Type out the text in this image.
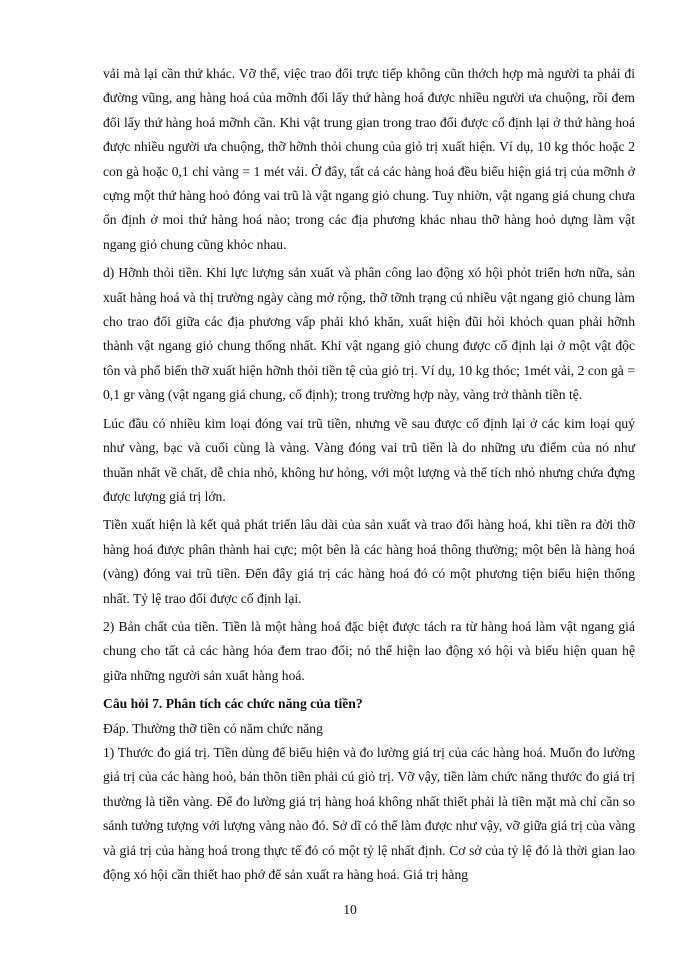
vải mà lại cần thứ khác. Vỡ thế, việc trao đổi trực tiếp không cũn thớch hợp mà người ta phải đi đường vũng, ang hàng hoá của mỡnh đổi lấy thứ hàng hoá được nhiều người ưa chuộng, rồi đem đổi lấy thứ hàng hoá mỡnh cần. Khi vật trung gian trong trao đổi được cố định lại ở thứ hàng hoá được nhiều người ưa chuộng, thỡ hỡnh thỏi chung của giỏ trị xuất hiện. Ví dụ, 10 kg thóc hoặc 2 con gà hoặc 0,1 chỉ vàng = 1 mét vải. Ở đây, tất cả các hàng hoá đều biểu hiện giá trị của mỡnh ở cựng một thứ hàng hoỏ đóng vai trũ là vật ngang giỏ chung. Tuy nhiờn, vật ngang giá chung chưa ổn định ở moi thứ hàng hoá nào; trong các địa phương khác nhau thỡ hàng hoỏ dựng làm vật ngang giỏ chung cũng khỏc nhau.

d) Hỡnh thỏi tiền. Khi lực lượng sản xuất và phân công lao động xó hội phỏt triển hơn nữa, sản xuất hàng hoá và thị trường ngày càng mở rộng, thỡ tỡnh trạng cú nhiều vật ngang giỏ chung làm cho trao đổi giữa các địa phương vấp phải khó khăn, xuất hiện đũi hỏi khỏch quan phải hỡnh thành vật ngang giỏ chung thống nhất. Khi vật ngang giỏ chung được cố định lại ở một vật độc tôn và phổ biến thỡ xuất hiện hỡnh thỏi tiền tệ của giỏ trị. Ví dụ, 10 kg thóc; 1mét vải, 2 con gà = 0,1 gr vàng (vật ngang giá chung, cố định); trong trường hợp này, vàng trở thành tiền tệ.

Lúc đầu có nhiều kim loại đóng vai trũ tiền, nhưng về sau được cố định lại ở các kim loại quý như vàng, bạc và cuối cùng là vàng. Vàng đóng vai trũ tiền là do những ưu điểm của nó như thuần nhất về chất, dễ chia nhỏ, không hư hỏng, với một lượng và thể tích nhỏ nhưng chứa đựng được lượng giá trị lớn.

Tiền xuất hiện là kết quả phát triển lâu dài của sản xuất và trao đổi hàng hoá, khi tiền ra đời thỡ hàng hoá được phân thành hai cực; một bên là các hàng hoá thông thường; một bên là hàng hoá (vàng) đóng vai trũ tiền. Đến đây giá trị các hàng hoá đó có một phương tiện biểu hiện thống nhất. Tỷ lệ trao đổi được cố định lại.

2) Bản chất của tiền. Tiền là một hàng hoá đặc biệt được tách ra từ hàng hoá làm vật ngang giá chung cho tất cả các hàng hóa đem trao đổi; nó thể hiện lao động xó hội và biểu hiện quan hệ giữa những người sản xuất hàng hoá.

Câu hỏi 7. Phân tích các chức năng của tiền?

Đáp. Thường thỡ tiền có năm chức năng

1) Thước đo giá trị. Tiền dùng để biểu hiện và đo lường giá trị của các hàng hoá. Muốn đo lường giá trị của các hàng hoỏ, bản thõn tiền phải cú giỏ trị. Vỡ vậy, tiền làm chức năng thước đo giá trị thường là tiền vàng. Để đo lường giá trị hàng hoá không nhất thiết phải là tiền mặt mà chỉ cần so sánh tưởng tượng với lượng vàng nào đó. Sở dĩ có thể làm được như vậy, vỡ giữa giá trị của vàng và giá trị của hàng hoá trong thực tế đó có một tỷ lệ nhất định. Cơ sở của tỷ lệ đó là thời gian lao động xó hội cần thiết hao phớ để sản xuất ra hàng hoá. Giá trị hàng

10
